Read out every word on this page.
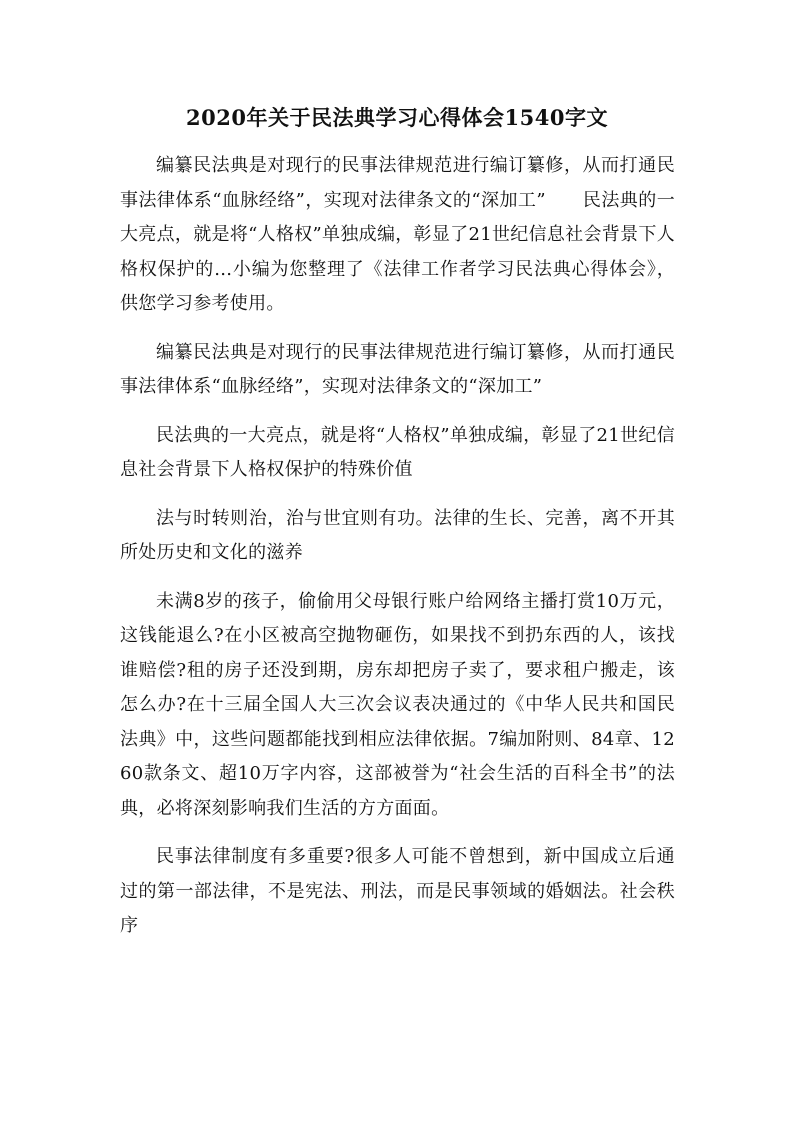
2020年关于民法典学习心得体会1540字文

编纂民法典是对现行的民事法律规范进行编订纂修，从而打通民事法律体系“血脉经络”，实现对法律条文的“深加工”　　民法典的一大亮点，就是将“人格权”单独成编，彰显了21世纪信息社会背景下人格权保护的…小编为您整理了《法律工作者学习民法典心得体会》，供您学习参考使用。

编纂民法典是对现行的民事法律规范进行编订纂修，从而打通民事法律体系“血脉经络”，实现对法律条文的“深加工”

民法典的一大亮点，就是将“人格权”单独成编，彰显了21世纪信息社会背景下人格权保护的特殊价值

法与时转则治，治与世宜则有功。法律的生长、完善，离不开其所处历史和文化的滋养

未满8岁的孩子，偷偷用父母银行账户给网络主播打赏10万元，这钱能退么?在小区被高空抛物砸伤，如果找不到扔东西的人，该找谁赔偿?租的房子还没到期，房东却把房子卖了，要求租户搬走，该怎么办?在十三届全国人大三次会议表决通过的《中华人民共和国民法典》中，这些问题都能找到相应法律依据。7编加附则、84章、1260款条文、超10万字内容，这部被誉为“社会生活的百科全书”的法典，必将深刻影响我们生活的方方面面。

民事法律制度有多重要?很多人可能不曾想到，新中国成立后通过的第一部法律，不是宪法、刑法，而是民事领域的婚姻法。社会秩序
